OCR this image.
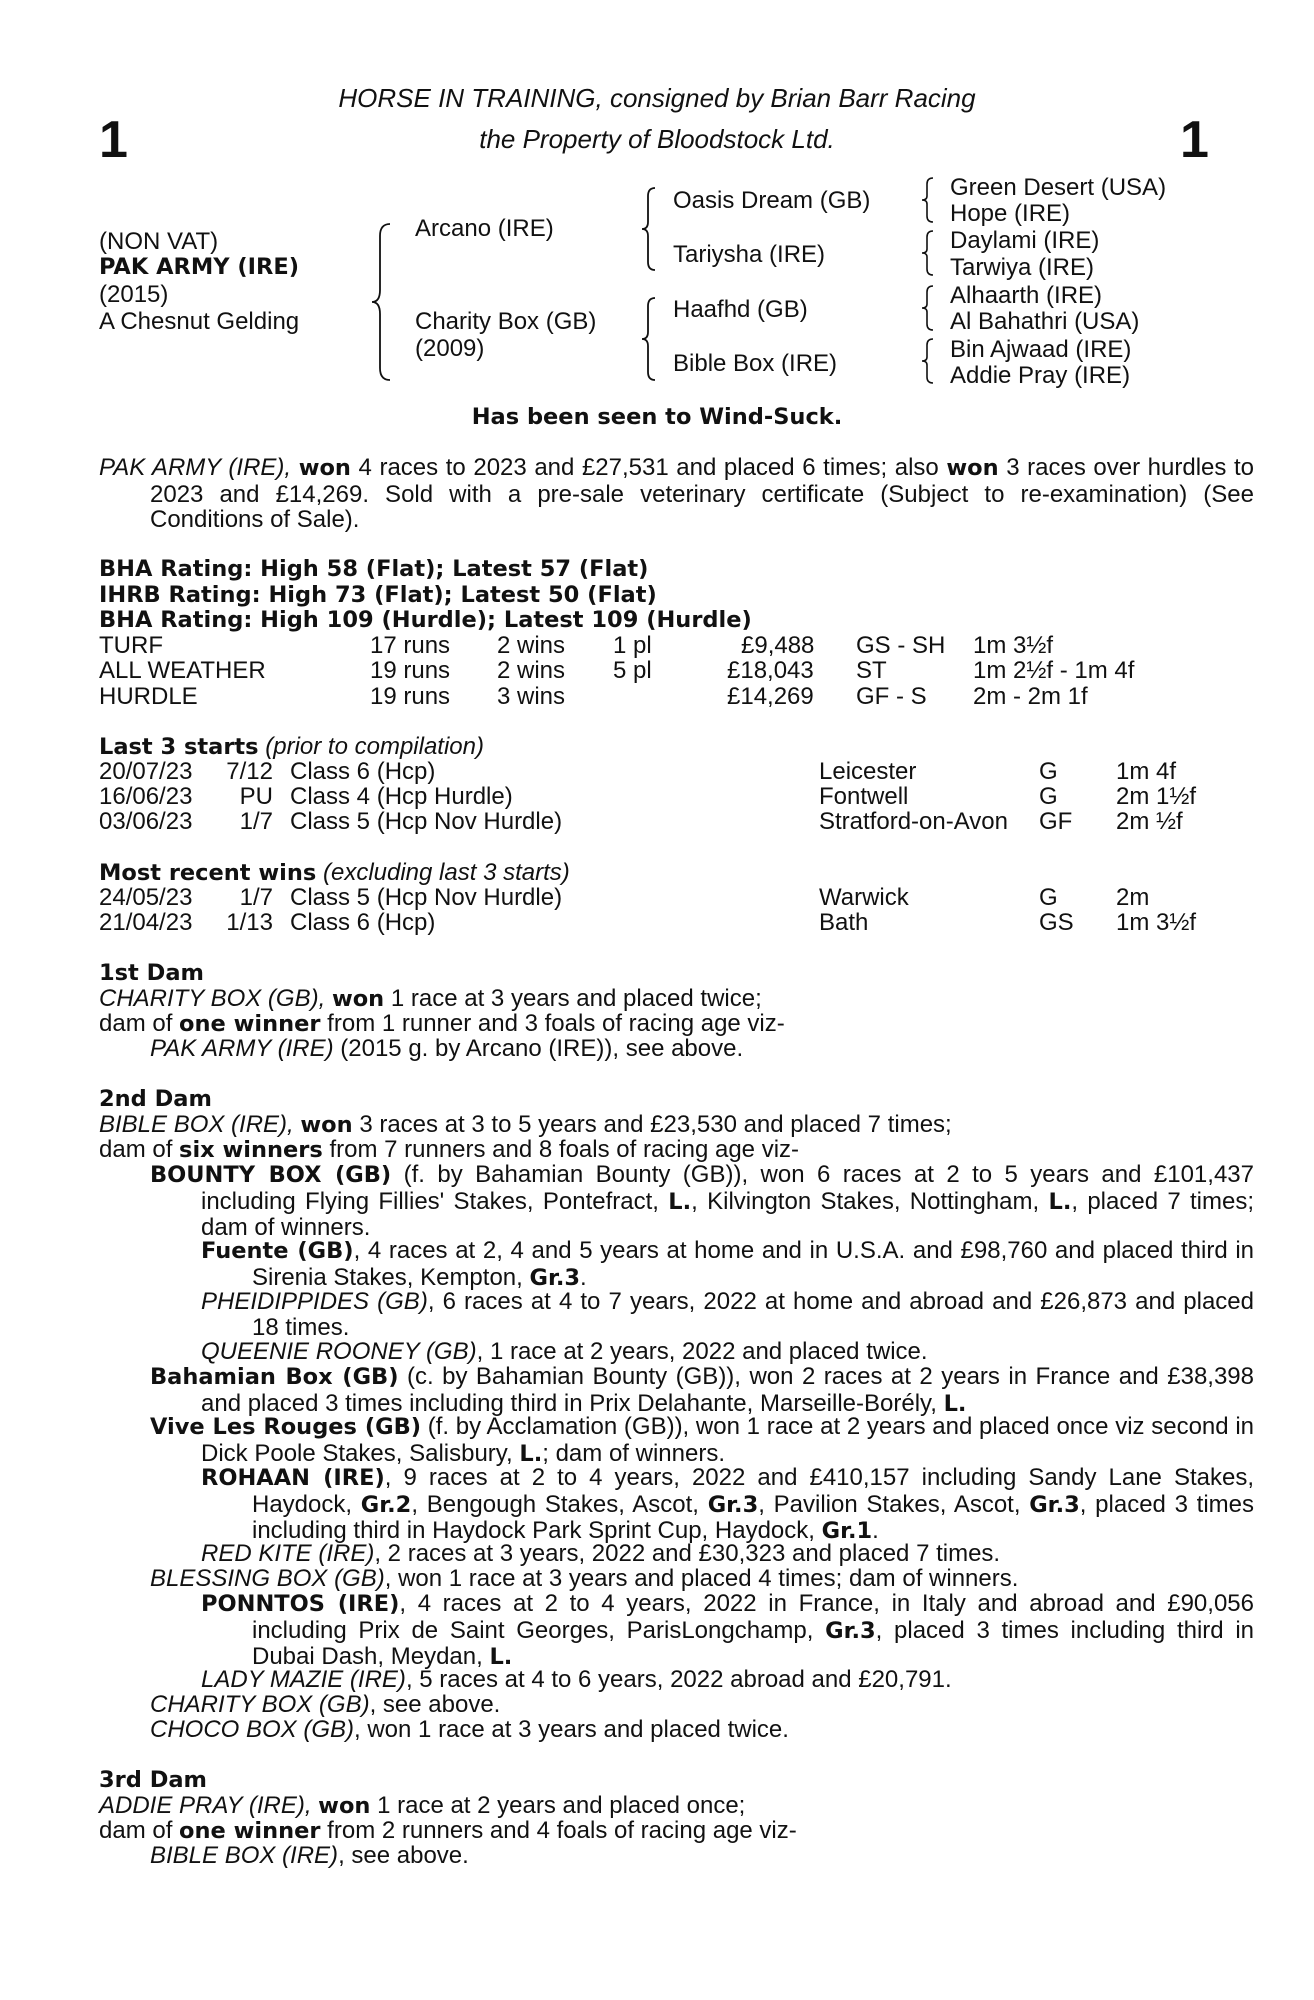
1	1
HORSE IN TRAINING, consigned by Brian Barr Racing
the Property of Bloodstock Ltd.
(NON VAT)
PAK ARMY (IRE)
(2015)
A Chesnut Gelding
Arcano (IRE)
Charity Box (GB)
(2009)
Oasis Dream (GB)
Tariysha (IRE)
Haafhd (GB)
Bible Box (IRE)
Green Desert (USA)
Hope (IRE)
Daylami (IRE)
Tarwiya (IRE)
Alhaarth (IRE)
Al Bahathri (USA)
Bin Ajwaad (IRE)
Addie Pray (IRE)
Has been seen to Wind-Suck.
PAK ARMY (IRE), won 4 races to 2023 and £27,531 and placed 6 times; also won 3 races over hurdles to 2023 and £14,269. Sold with a pre-sale veterinary certificate (Subject to re-examination) (See Conditions of Sale).
BHA Rating: High 58 (Flat); Latest 57 (Flat)
IHRB Rating: High 73 (Flat); Latest 50 (Flat)
BHA Rating: High 109 (Hurdle); Latest 109 (Hurdle)
TURF	17 runs 2 wins 1 pl	£9,488 GS - SH 1m 3½f
ALL WEATHER	19 runs 2 wins 5 pl	£18,043 ST	1m 2½f - 1m 4f
HURDLE	19 runs 3 wins	£14,269 GF - S 2m - 2m 1f
Last 3 starts (prior to compilation)
20/07/23 7/12 Class 6 (Hcp)	Leicester	G 1m 4f
16/06/23	PU Class 4 (Hcp Hurdle)	Fontwell	G 2m 1½f
03/06/23	1/7 Class 5 (Hcp Nov Hurdle)	Stratford-on-Avon GF 2m ½f
Most recent wins (excluding last 3 starts)
24/05/23	1/7 Class 5 (Hcp Nov Hurdle)	Warwick	G 2m
21/04/23 1/13 Class 6 (Hcp)	Bath	GS 1m 3½f
1st Dam
CHARITY BOX (GB), won 1 race at 3 years and placed twice;
dam of one winner from 1 runner and 3 foals of racing age viz-
PAK ARMY (IRE) (2015 g. by Arcano (IRE)), see above.
2nd Dam
BIBLE BOX (IRE), won 3 races at 3 to 5 years and £23,530 and placed 7 times;
dam of six winners from 7 runners and 8 foals of racing age viz-
BOUNTY BOX (GB) (f. by Bahamian Bounty (GB)), won 6 races at 2 to 5 years and £101,437 including Flying Fillies' Stakes, Pontefract, L., Kilvington Stakes, Nottingham, L., placed 7 times; dam of winners.
Fuente (GB), 4 races at 2, 4 and 5 years at home and in U.S.A. and £98,760 and placed third in Sirenia Stakes, Kempton, Gr.3.
PHEIDIPPIDES (GB), 6 races at 4 to 7 years, 2022 at home and abroad and £26,873 and placed 18 times.
QUEENIE ROONEY (GB), 1 race at 2 years, 2022 and placed twice.
Bahamian Box (GB) (c. by Bahamian Bounty (GB)), won 2 races at 2 years in France and £38,398 and placed 3 times including third in Prix Delahante, Marseille-Borély, L.
Vive Les Rouges (GB) (f. by Acclamation (GB)), won 1 race at 2 years and placed once viz second in Dick Poole Stakes, Salisbury, L.; dam of winners.
ROHAAN (IRE), 9 races at 2 to 4 years, 2022 and £410,157 including Sandy Lane Stakes, Haydock, Gr.2, Bengough Stakes, Ascot, Gr.3, Pavilion Stakes, Ascot, Gr.3, placed 3 times including third in Haydock Park Sprint Cup, Haydock, Gr.1.
RED KITE (IRE), 2 races at 3 years, 2022 and £30,323 and placed 7 times.
BLESSING BOX (GB), won 1 race at 3 years and placed 4 times; dam of winners.
PONNTOS (IRE), 4 races at 2 to 4 years, 2022 in France, in Italy and abroad and £90,056 including Prix de Saint Georges, ParisLongchamp, Gr.3, placed 3 times including third in Dubai Dash, Meydan, L.
LADY MAZIE (IRE), 5 races at 4 to 6 years, 2022 abroad and £20,791.
CHARITY BOX (GB), see above.
CHOCO BOX (GB), won 1 race at 3 years and placed twice.
3rd Dam
ADDIE PRAY (IRE), won 1 race at 2 years and placed once;
dam of one winner from 2 runners and 4 foals of racing age viz-
BIBLE BOX (IRE), see above.
